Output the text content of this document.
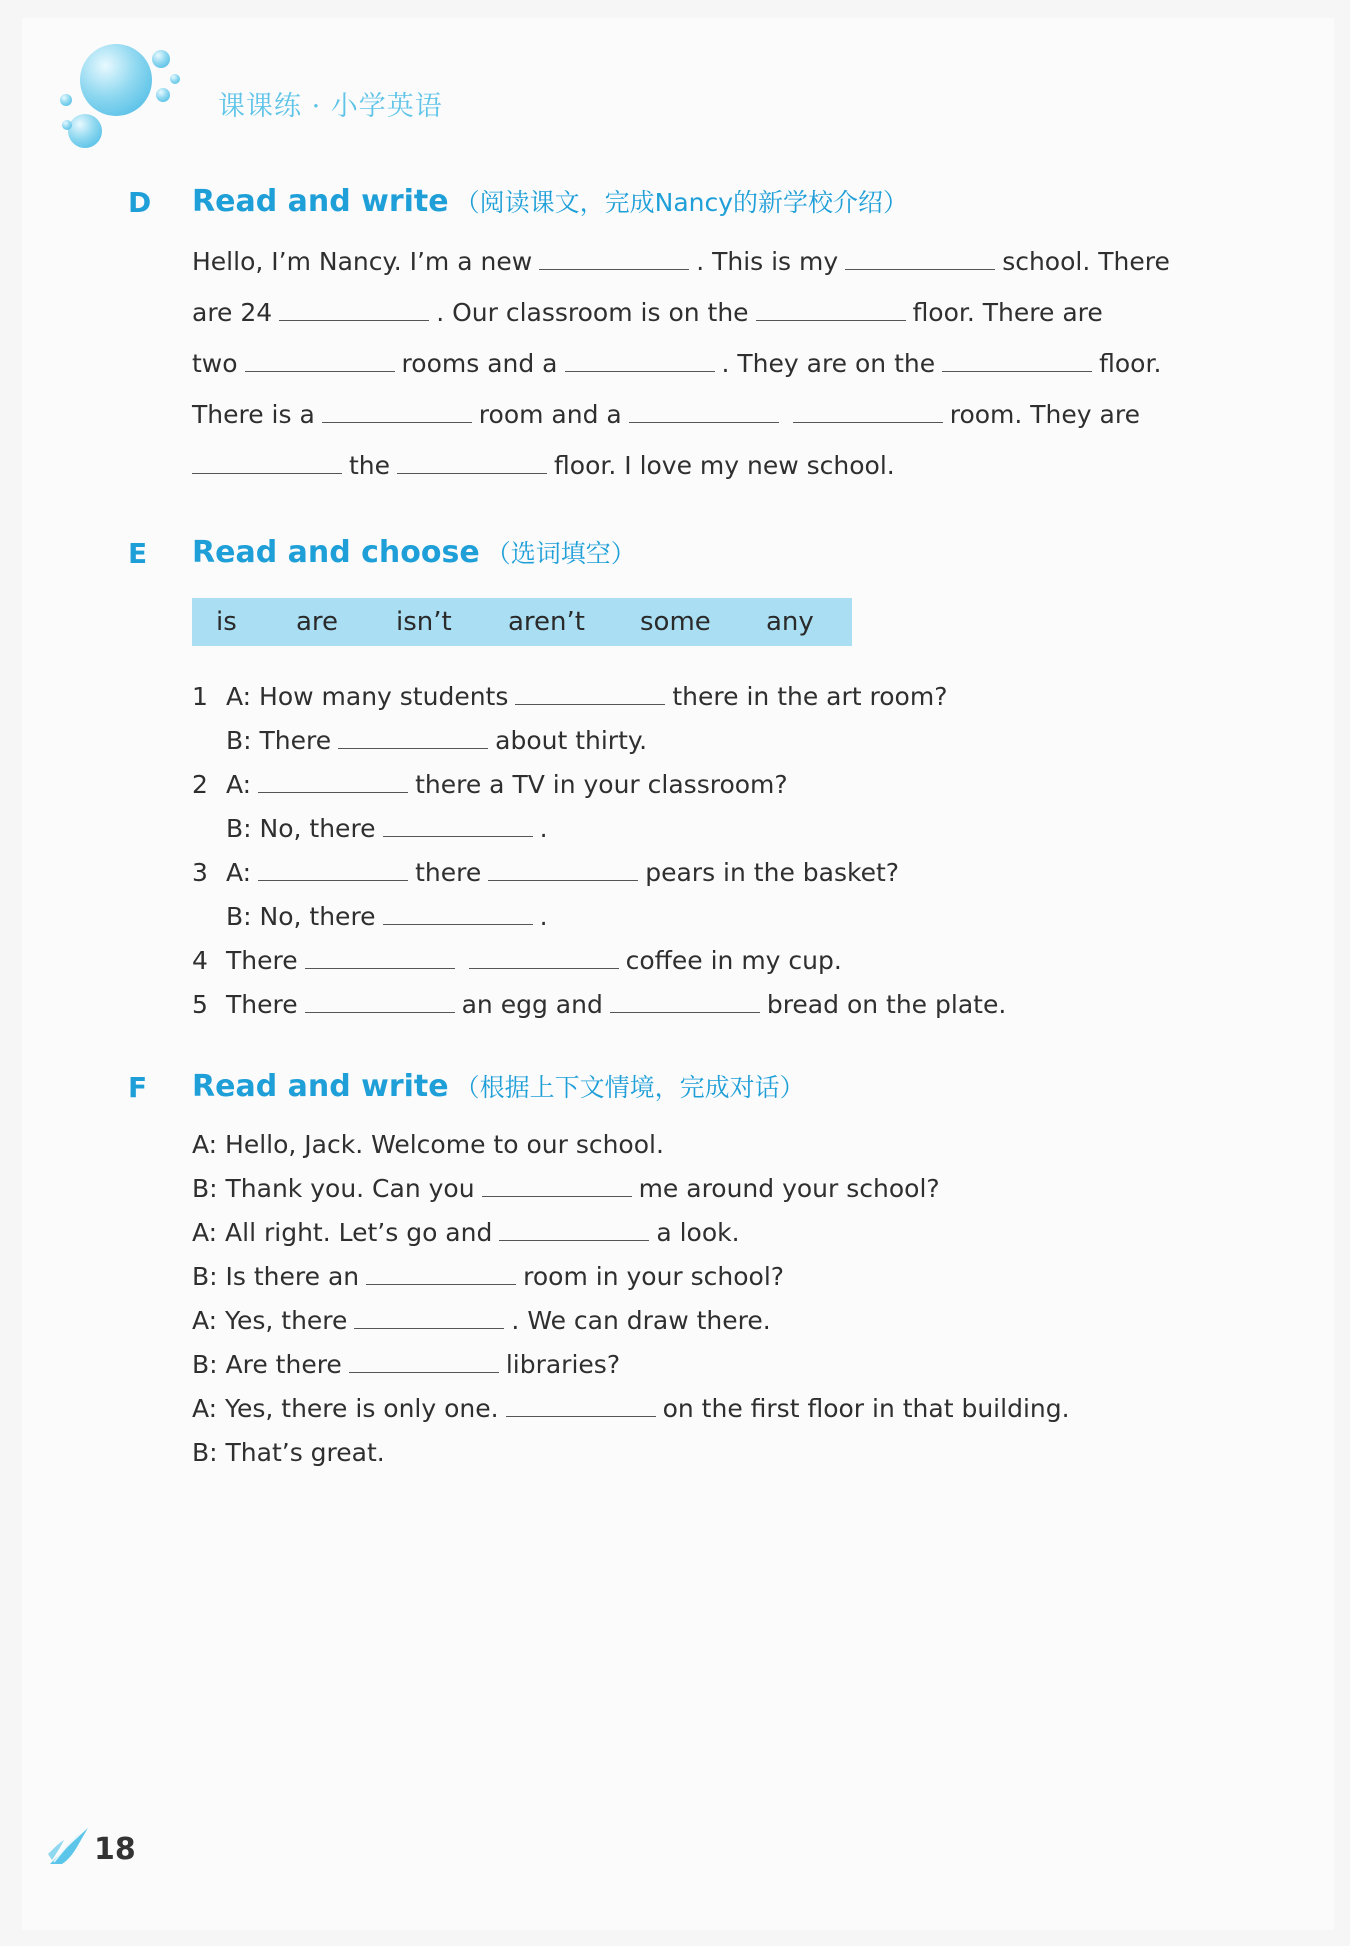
课课练 · 小学英语
D Read and write （阅读课文，完成Nancy的新学校介绍）
Hello, I’m Nancy. I’m a new	. This is my	school. There
are 24	. Our classroom is on the	floor. There are
two	rooms and a	. They are on the	floor.
There is a	room and a	room. They are
the	floor. I love my new school.
E Read and choose （选词填空）
is are isn’t aren’t some any
1 A: How many students	there in the art room?
B: There	about thirty.
2 A:	there a TV in your classroom?
B: No, there	.
3 A:	there	pears in the basket?
B: No, there	.
4 There	coffee in my cup.
5 There	an egg and	bread on the plate.
F Read and write （根据上下文情境，完成对话）
A: Hello, Jack. Welcome to our school.
B: Thank you. Can you	me around your school?
A: All right. Let’s go and	a look.
B: Is there an	room in your school?
A: Yes, there	. We can draw there.
B: Are there	libraries?
A: Yes, there is only one.	on the first floor in that building.
B: That’s great.
18
